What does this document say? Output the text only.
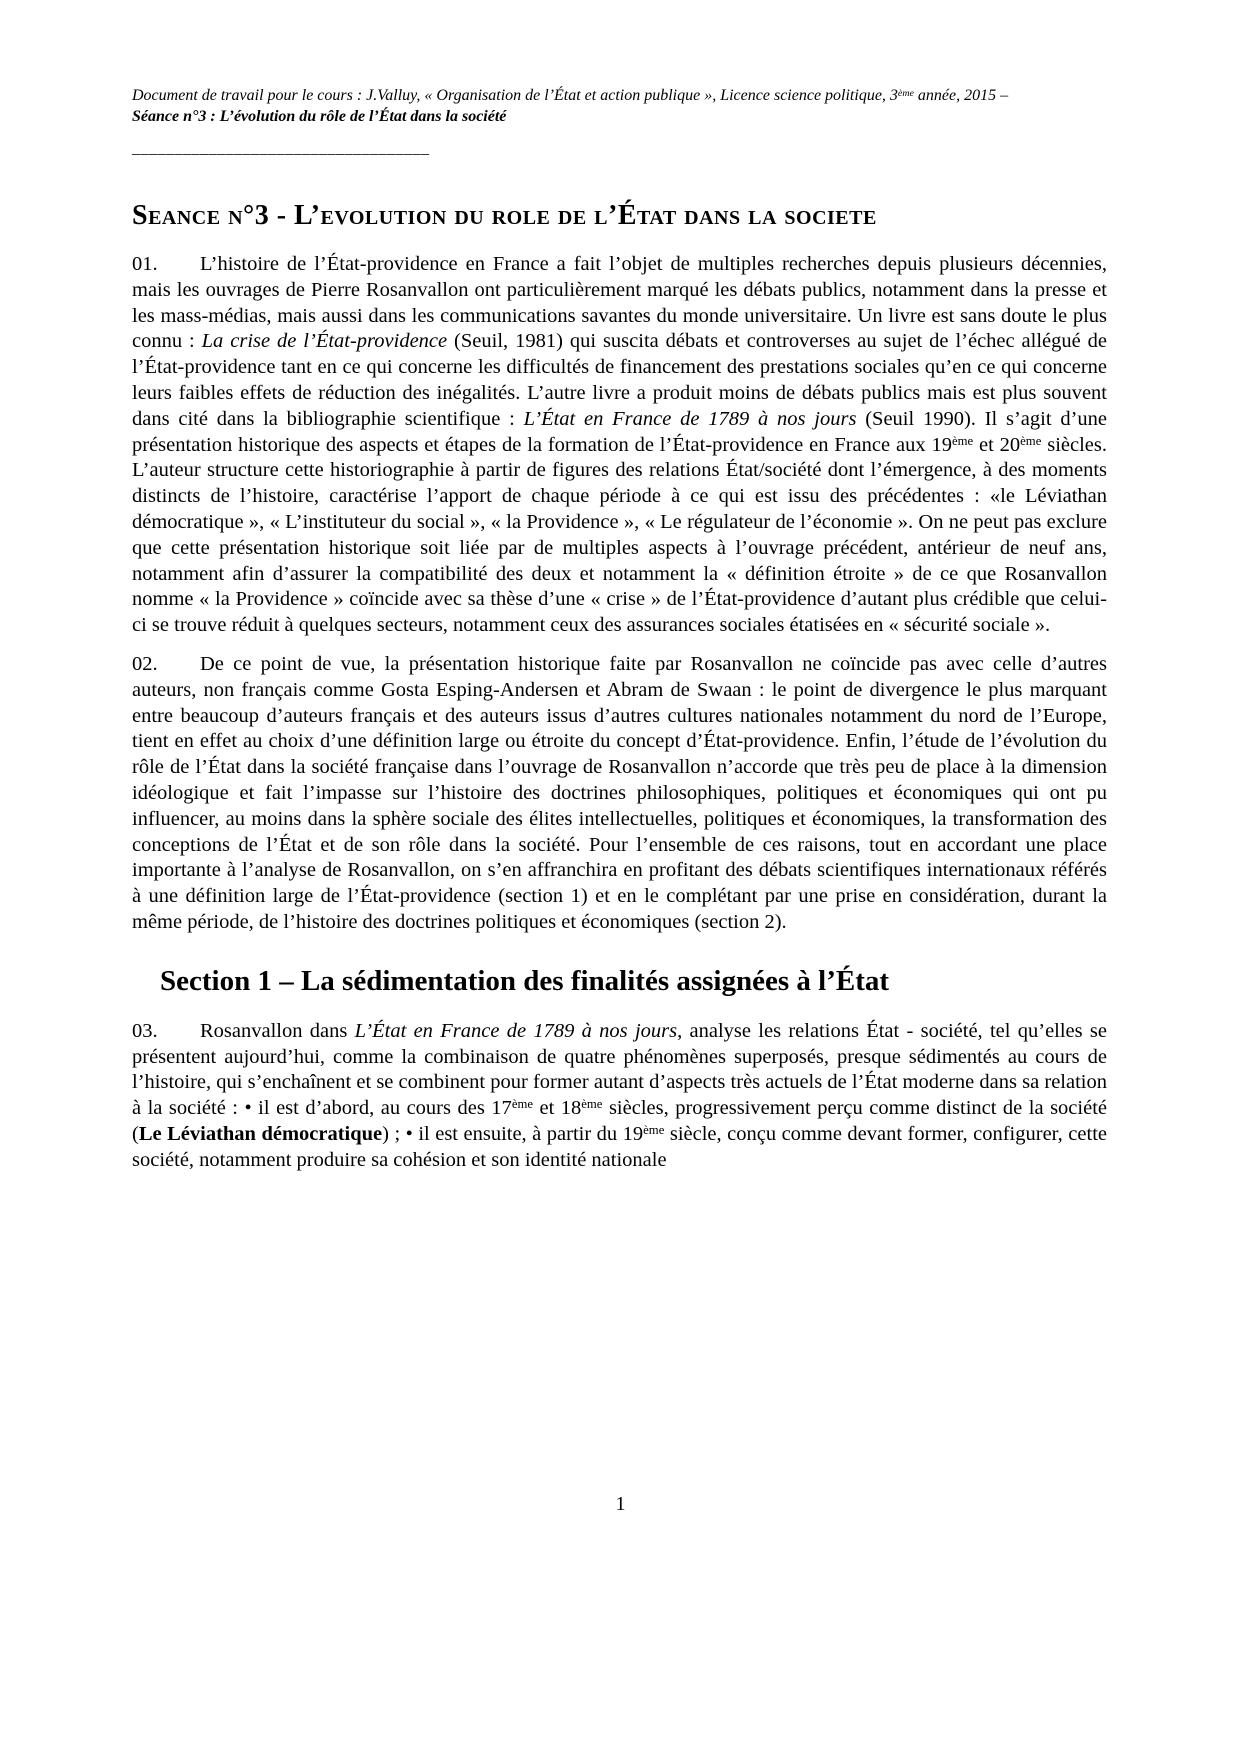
Document de travail pour le cours : J.Valluy, « Organisation de l’État et action publique », Licence science politique, 3ème année, 2015 –

Séance n°3 : L’évolution du rôle de l’État dans la société

___________________________________

Seance n°3 - L’evolution du role de l’État dans la societe

01. L’histoire de l’État-providence en France a fait l’objet de multiples recherches depuis plusieurs décennies, mais les ouvrages de Pierre Rosanvallon ont particulièrement marqué les débats publics, notamment dans la presse et les mass-médias, mais aussi dans les communications savantes du monde universitaire. Un livre est sans doute le plus connu : La crise de l’État-providence (Seuil, 1981) qui suscita débats et controverses au sujet de l’échec allégué de l’État-providence tant en ce qui concerne les difficultés de financement des prestations sociales qu’en ce qui concerne leurs faibles effets de réduction des inégalités. L’autre livre a produit moins de débats publics mais est plus souvent dans cité dans la bibliographie scientifique : L’État en France de 1789 à nos jours (Seuil 1990). Il s’agit d’une présentation historique des aspects et étapes de la formation de l’État-providence en France aux 19ème et 20ème siècles. L’auteur structure cette historiographie à partir de figures des relations État/société dont l’émergence, à des moments distincts de l’histoire, caractérise l’apport de chaque période à ce qui est issu des précédentes : «le Léviathan démocratique », « L’instituteur du social », « la Providence », « Le régulateur de l’économie ». On ne peut pas exclure que cette présentation historique soit liée par de multiples aspects à l’ouvrage précédent, antérieur de neuf ans, notamment afin d’assurer la compatibilité des deux et notamment la « définition étroite » de ce que Rosanvallon nomme « la Providence » coïncide avec sa thèse d’une « crise » de l’État-providence d’autant plus crédible que celui-ci se trouve réduit à quelques secteurs, notamment ceux des assurances sociales étatisées en « sécurité sociale ».

02. De ce point de vue, la présentation historique faite par Rosanvallon ne coïncide pas avec celle d’autres auteurs, non français comme Gosta Esping-Andersen et Abram de Swaan : le point de divergence le plus marquant entre beaucoup d’auteurs français et des auteurs issus d’autres cultures nationales notamment du nord de l’Europe, tient en effet au choix d’une définition large ou étroite du concept d’État-providence. Enfin, l’étude de l’évolution du rôle de l’État dans la société française dans l’ouvrage de Rosanvallon n’accorde que très peu de place à la dimension idéologique et fait l’impasse sur l’histoire des doctrines philosophiques, politiques et économiques qui ont pu influencer, au moins dans la sphère sociale des élites intellectuelles, politiques et économiques, la transformation des conceptions de l’État et de son rôle dans la société. Pour l’ensemble de ces raisons, tout en accordant une place importante à l’analyse de Rosanvallon, on s’en affranchira en profitant des débats scientifiques internationaux référés à une définition large de l’État-providence (section 1) et en le complétant par une prise en considération, durant la même période, de l’histoire des doctrines politiques et économiques (section 2).

Section 1 – La sédimentation des finalités assignées à l’État

03. Rosanvallon dans L’État en France de 1789 à nos jours, analyse les relations État - société, tel qu’elles se présentent aujourd’hui, comme la combinaison de quatre phénomènes superposés, presque sédimentés au cours de l’histoire, qui s’enchaînent et se combinent pour former autant d’aspects très actuels de l’État moderne dans sa relation à la société : • il est d’abord, au cours des 17ème et 18ème siècles, progressivement perçu comme distinct de la société (Le Léviathan démocratique) ; • il est ensuite, à partir du 19ème siècle, conçu comme devant former, configurer, cette société, notamment produire sa cohésion et son identité nationale

1
